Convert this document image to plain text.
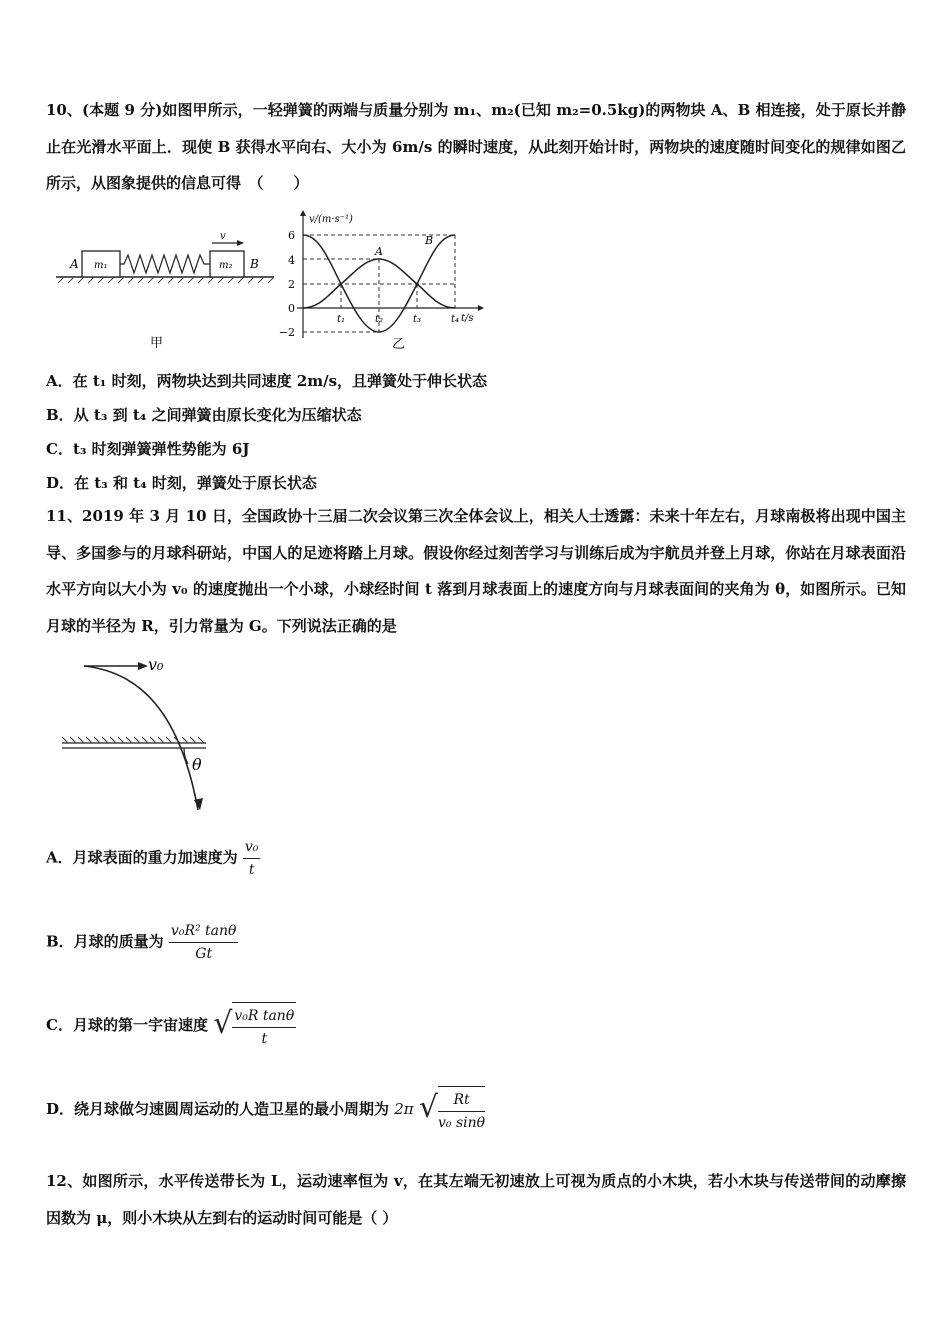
10、(本题 9 分)如图甲所示，一轻弹簧的两端与质量分别为 m₁、m₂(已知 m₂=0.5kg)的两物块 A、B 相连接，处于原长并静止在光滑水平面上．现使 B 获得水平向右、大小为 6m/s 的瞬时速度，从此刻开始计时，两物块的速度随时间变化的规律如图乙所示，从图象提供的信息可得　（　　）
v
A m₁	m₂ B
甲
v/(m·s⁻¹)
t/s
6
4
2
0
−2
A
B
t₁	t₂	t₃	t₄
乙
A．在 t₁ 时刻，两物块达到共同速度 2m/s，且弹簧处于伸长状态
B．从 t₃ 到 t₄ 之间弹簧由原长变化为压缩状态
C．t₃ 时刻弹簧弹性势能为 6J
D．在 t₃ 和 t₄ 时刻，弹簧处于原长状态
11、2019 年 3 月 10 日，全国政协十三届二次会议第三次全体会议上，相关人士透露：未来十年左右，月球南极将出现中国主导、多国参与的月球科研站，中国人的足迹将踏上月球。假设你经过刻苦学习与训练后成为宇航员并登上月球，你站在月球表面沿水平方向以大小为 v₀ 的速度抛出一个小球，小球经时间 t 落到月球表面上的速度方向与月球表面间的夹角为 θ，如图所示。已知月球的半径为 R，引力常量为 G。下列说法正确的是
v₀
θ
A．月球表面的重力加速度为 $\frac{\text{v₀}}{t}$
B．月球的质量为 $\frac{\text{v₀R² tanθ}}{Gt}$
C．月球的第一宇宙速度 √ $\frac{\text{v₀R tanθ}}{t}$
D．绕月球做匀速圆周运动的人造卫星的最小周期为 2π √ $\frac{Rt}{\text{v₀ sinθ}}$
12、如图所示，水平传送带长为 L，运动速率恒为 v，在其左端无初速放上可视为质点的小木块，若小木块与传送带间的动摩擦因数为 μ，则小木块从左到右的运动时间可能是（ ）
